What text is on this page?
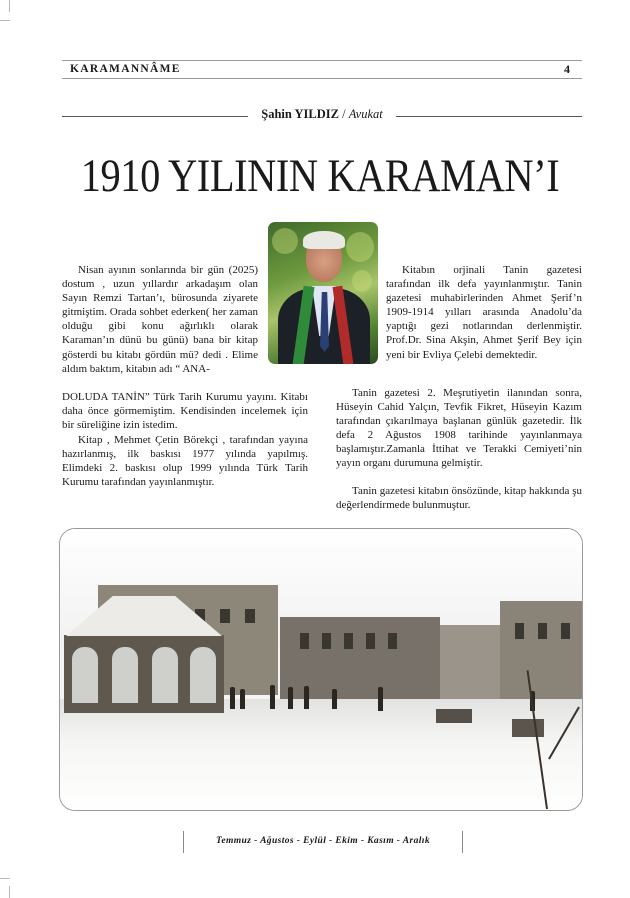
KARAMANNÂME	4
Şahin YILDIZ / Avukat
1910 YILININ KARAMAN’I

Nisan ayının sonlarında bir gün (2025) dostum , uzun yıllardır arkadaşım olan Sayın Remzi Tartan’ı, bürosunda ziyarete gitmiştim. Orada sohbet ederken( her zaman olduğu gibi konu ağırlıklı olarak Karaman’ın dünü bu günü) bana bir kitap gösterdi bu kitabı gördün mü? dedi . Elime aldım baktım, kitabın adı “ ANA-

DOLUDA TANİN” Türk Tarih Kurumu yayını. Kitabı daha önce görmemiştim. Kendisinden incelemek için bir süreliğine izin istedim.

Kitap , Mehmet Çetin Börekçi , tarafından yayına hazırlanmış, ilk baskısı 1977 yılında yapılmış. Elimdeki 2. baskısı olup 1999 yılında Türk Tarih Kurumu tarafından yayınlanmıştır.

Kitabın orjinali Tanin gazetesi tarafından ilk defa yayınlanmıştır. Tanin gazetesi muhabirlerinden Ahmet Şerif’n 1909-1914 yılları arasında Anadolu’da yaptığı gezi notlarından derlenmiştir. Prof.Dr. Sina Akşin, Ahmet Şerif Bey için yeni bir Evliya Çelebi demektedir.

Tanin gazetesi 2. Meşrutiyetin ilanından sonra, Hüseyin Cahid Yalçın, Tevfik Fikret, Hüseyin Kazım tarafından çıkarılmaya başlanan günlük gazetedir. İlk defa 2 Ağustos 1908 tarihinde yayınlanmaya başlamıştır.Zamanla İttihat ve Terakki Cemiyeti’nin yayın organı durumuna gelmiştir.

Tanin gazetesi kitabın önsözünde, kitap hakkında şu değerlendirmede bulunmuştur.

Temmuz - Ağustos - Eylül - Ekim - Kasım - Aralık
